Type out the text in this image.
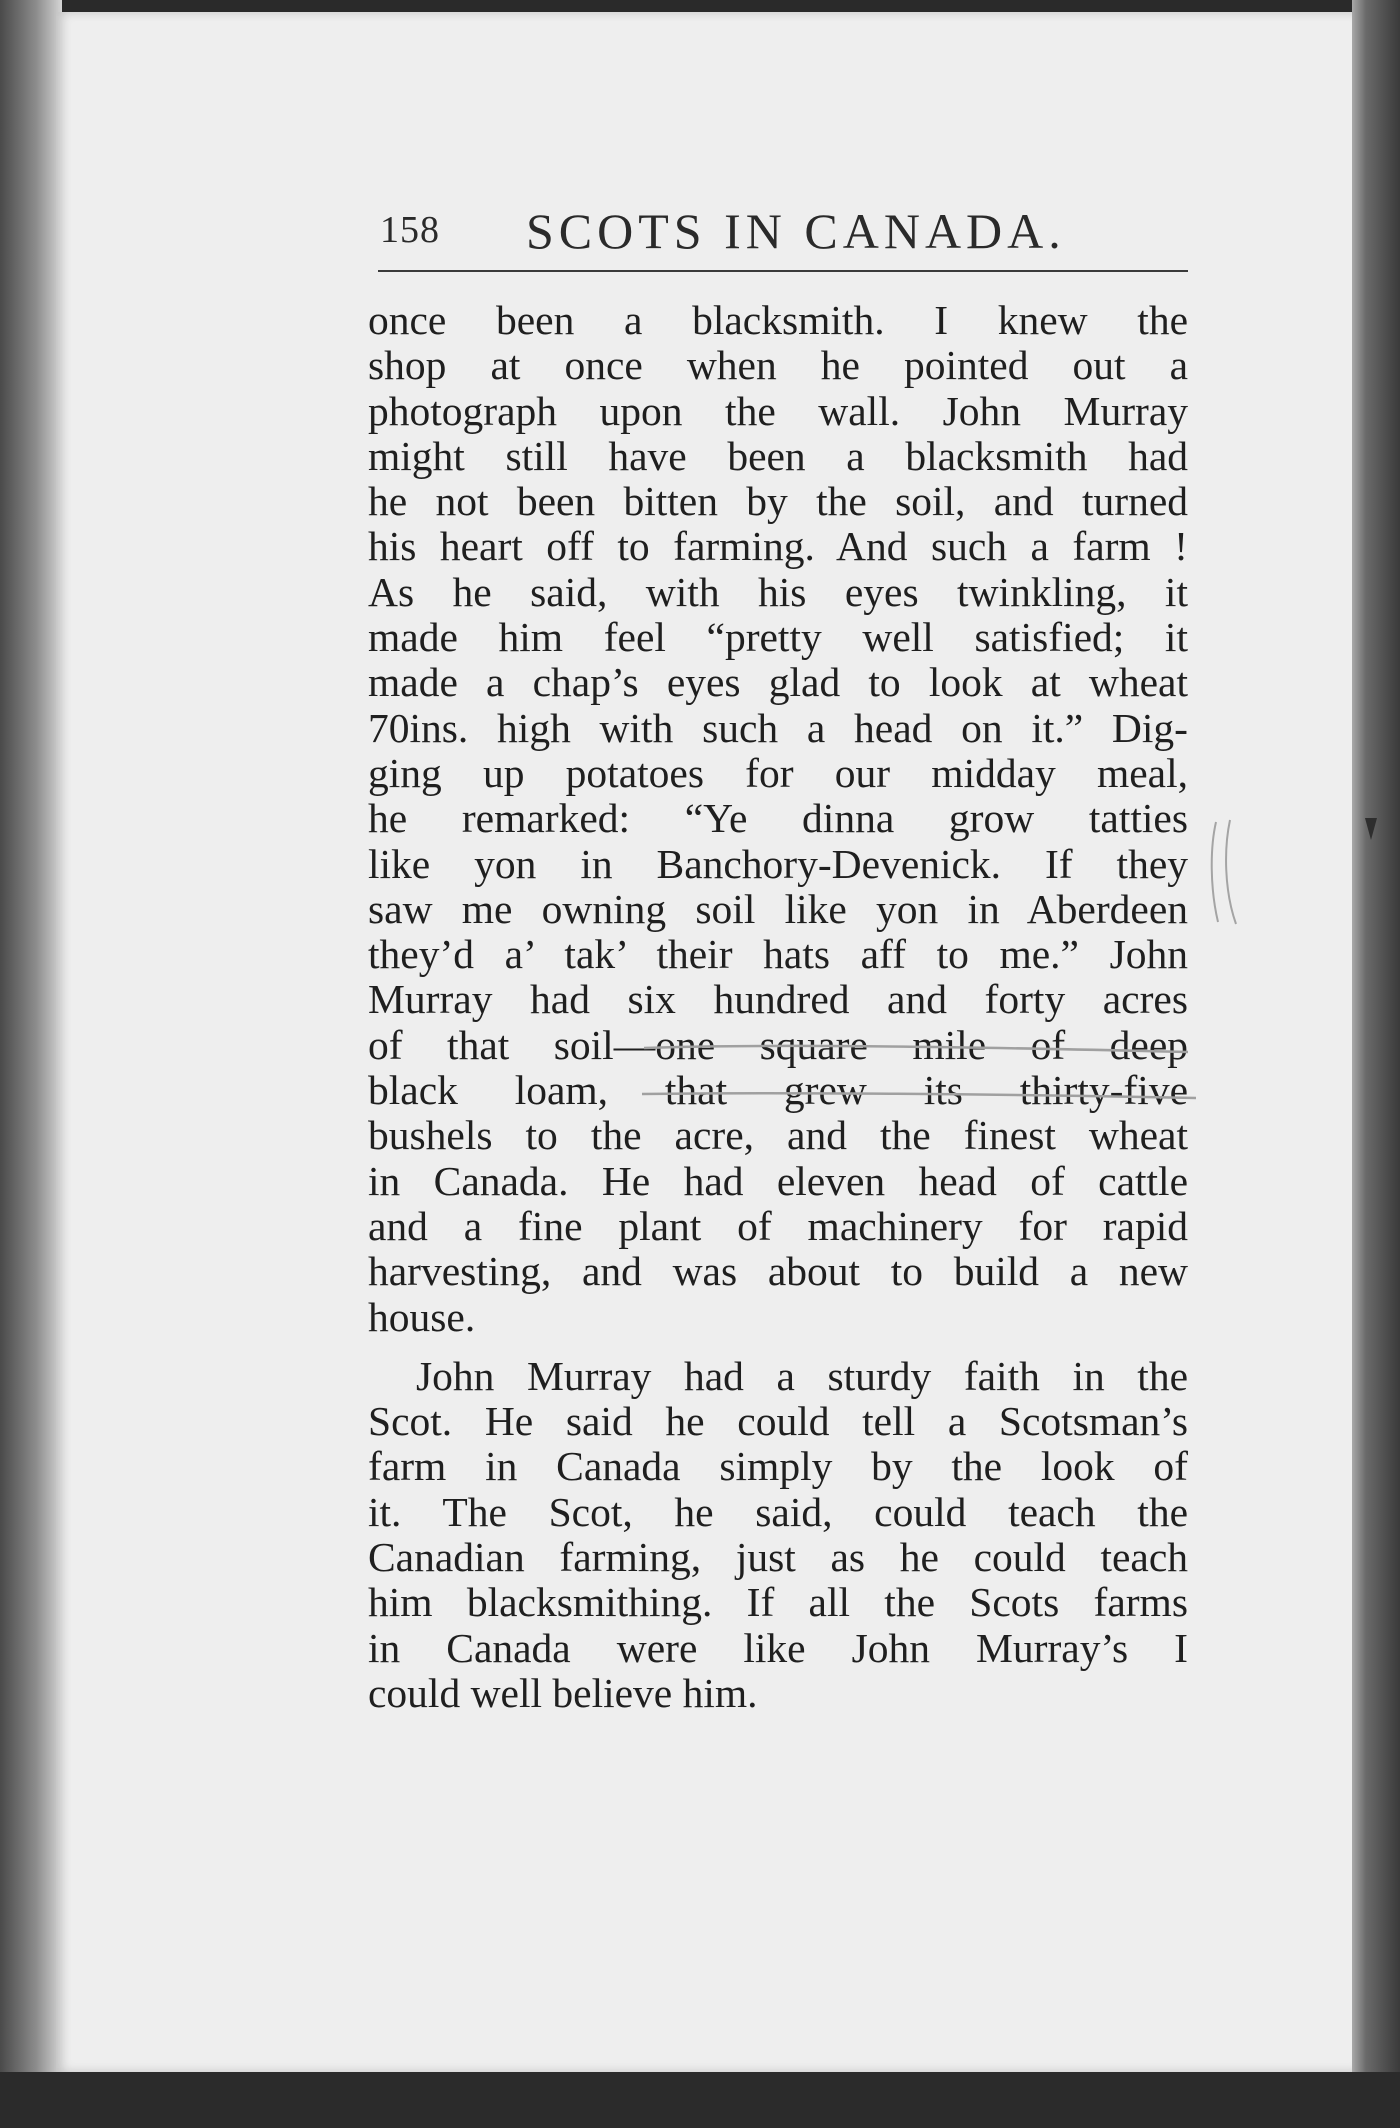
158 SCOTS IN CANADA.
once been a blacksmith. I knew the
shop at once when he pointed out a
photograph upon the wall. John Murray
might still have been a blacksmith had
he not been bitten by the soil, and turned
his heart off to farming. And such a farm !
As he said, with his eyes twinkling, it
made him feel “pretty well satisfied; it
made a chap’s eyes glad to look at wheat
70ins. high with such a head on it.” Dig-
ging up potatoes for our midday meal,
he remarked: “Ye dinna grow tatties
like yon in Banchory-Devenick. If they
saw me owning soil like yon in Aberdeen
they’d a’ tak’ their hats aff to me.” John
Murray had six hundred and forty acres
of that soil—one square mile of deep
black loam, that grew its thirty-five
bushels to the acre, and the finest wheat
in Canada. He had eleven head of cattle
and a fine plant of machinery for rapid
harvesting, and was about to build a new
house.
John Murray had a sturdy faith in the
Scot. He said he could tell a Scotsman’s
farm in Canada simply by the look of
it. The Scot, he said, could teach the
Canadian farming, just as he could teach
him blacksmithing. If all the Scots farms
in Canada were like John Murray’s I
could well believe him.
